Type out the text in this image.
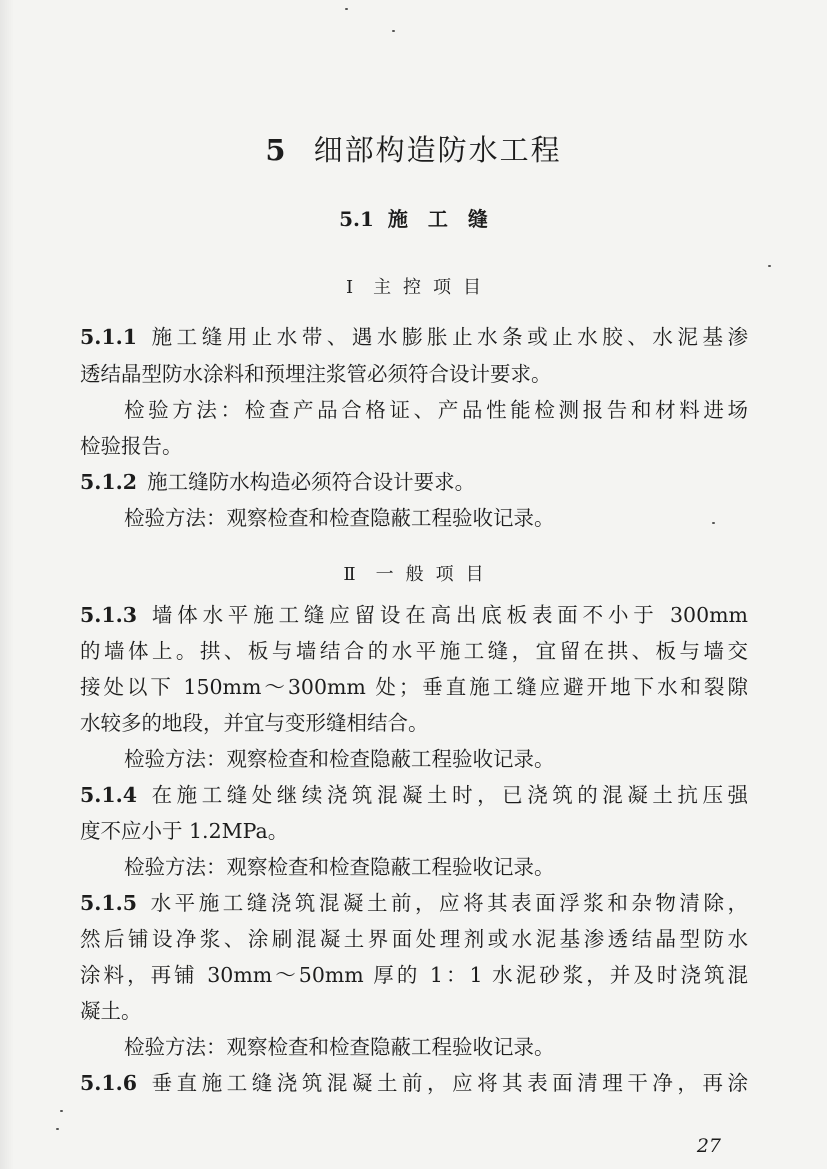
5 细部构造防水工程
5.1 施工缝
Ⅰ 主控项目
5.1.1 施工缝用止水带、遇水膨胀止水条或止水胶、水泥基渗
透结晶型防水涂料和预埋注浆管必须符合设计要求。
检验方法：检查产品合格证、产品性能检测报告和材料进场
检验报告。
5.1.2 施工缝防水构造必须符合设计要求。
检验方法：观察检查和检查隐蔽工程验收记录。
Ⅱ 一般项目
5.1.3 墙体水平施工缝应留设在高出底板表面不小于 300mm
的墙体上。拱、板与墙结合的水平施工缝，宜留在拱、板与墙交
接处以下 150mm～300mm 处；垂直施工缝应避开地下水和裂隙
水较多的地段，并宜与变形缝相结合。
检验方法：观察检查和检查隐蔽工程验收记录。
5.1.4 在施工缝处继续浇筑混凝土时，已浇筑的混凝土抗压强
度不应小于 1.2MPa。
检验方法：观察检查和检查隐蔽工程验收记录。
5.1.5 水平施工缝浇筑混凝土前，应将其表面浮浆和杂物清除，
然后铺设净浆、涂刷混凝土界面处理剂或水泥基渗透结晶型防水
涂料，再铺 30mm～50mm 厚的 1：1 水泥砂浆，并及时浇筑混
凝土。
检验方法：观察检查和检查隐蔽工程验收记录。
5.1.6 垂直施工缝浇筑混凝土前，应将其表面清理干净，再涂
27
